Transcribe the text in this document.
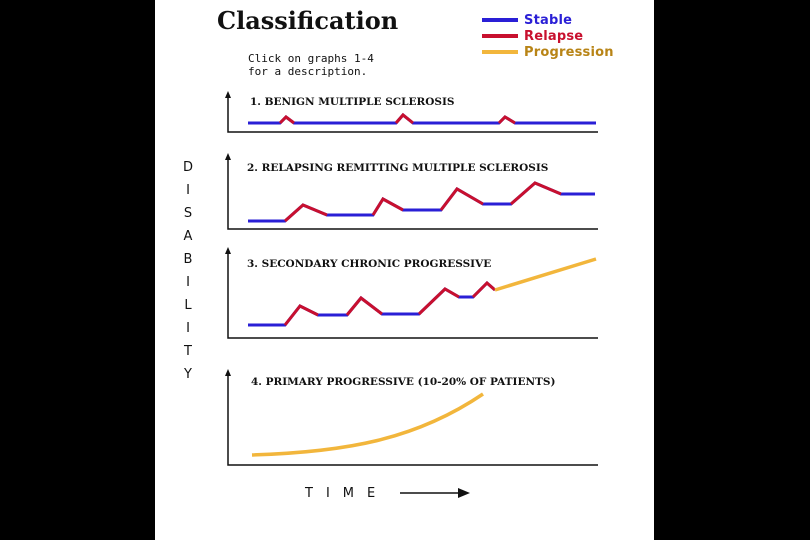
Classification
Click on graphs 1-4
for a description.
Stable
Relapse
Progression
D
I
S
A
B
I
L
I
T
Y
1. BENIGN MULTIPLE SCLEROSIS
2. RELAPSING REMITTING MULTIPLE SCLEROSIS
3. SECONDARY CHRONIC PROGRESSIVE
4. PRIMARY PROGRESSIVE (10-20% OF PATIENTS)
TIME
